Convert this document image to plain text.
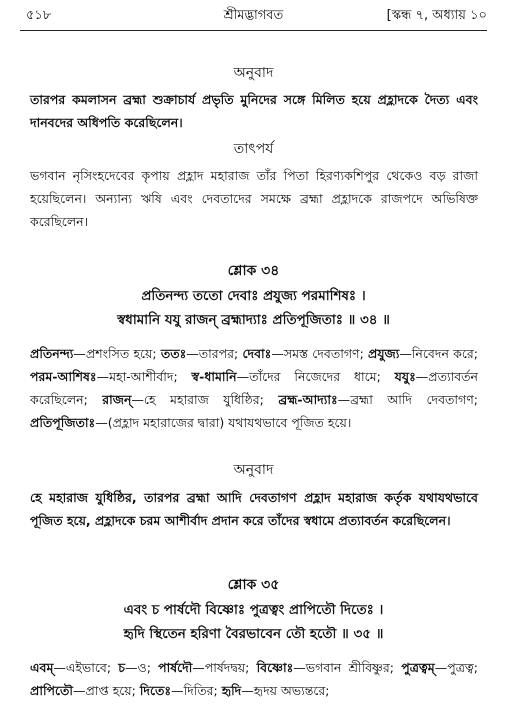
৫১৮	শ্রীমদ্ভাগবত	[স্কন্ধ ৭, অধ্যায় ১০
অনুবাদ

তারপর কমলাসন ব্রহ্মা শুক্রাচার্য প্রভৃতি মুনিদের সঙ্গে মিলিত হয়ে প্রহ্লাদকে দৈত্য এবং দানবদের অধিপতি করেছিলেন।

তাৎপর্য

ভগবান নৃসিংহদেবের কৃপায় প্রহ্লাদ মহারাজ তাঁর পিতা হিরণ্যকশিপুর থেকেও বড় রাজা হয়েছিলেন। অন্যান্য ঋষি এবং দেবতাদের সমক্ষে ব্রহ্মা প্রহ্লাদকে রাজপদে অভিষিক্ত করেছিলেন।

শ্লোক ৩৪
প্রতিনন্দ্য ততো দেবাঃ প্রযুজ্য পরমাশিষঃ ।
স্বধামানি যযু রাজন্ ব্রহ্মাদ্যাঃ প্রতিপূজিতাঃ ॥ ৩৪ ॥

প্রতিনন্দ্য—প্রশংসিত হয়ে; ততঃ—তারপর; দেবাঃ—সমস্ত দেবতাগণ; প্রযুজ্য—নিবেদন করে; পরম-আশিষঃ—মহা-আশীর্বাদ; স্ব-ধামানি—তাঁদের নিজেদের ধামে; যযুঃ—প্রত্যাবর্তন করেছিলেন; রাজন্—হে মহারাজ যুধিষ্ঠির; ব্রহ্ম-আদ্যাঃ—ব্রহ্মা আদি দেবতাগণ; প্রতিপূজিতাঃ—(প্রহ্লাদ মহারাজের দ্বারা) যথাযথভাবে পূজিত হয়ে।

অনুবাদ

হে মহারাজ যুধিষ্ঠির, তারপর ব্রহ্মা আদি দেবতাগণ প্রহ্লাদ মহারাজ কর্তৃক যথাযথভাবে পূজিত হয়ে, প্রহ্লাদকে চরম আশীর্বাদ প্রদান করে তাঁদের স্বধামে প্রত্যাবর্তন করেছিলেন।

শ্লোক ৩৫
এবং চ পার্ষদৌ বিষ্ণোঃ পুত্রত্বং প্রাপিতৌ দিতেঃ ।
হৃদি স্থিতেন হরিণা বৈরভাবেন তৌ হতৌ ॥ ৩৫ ॥

এবম্—এইভাবে; চ—ও; পার্ষদৌ—পার্ষদদ্বয়; বিষ্ণোঃ—ভগবান শ্রীবিষ্ণুর; পুত্রত্বম্—পুত্রত্ব; প্রাপিতৌ—প্রাপ্ত হয়ে; দিতেঃ—দিতির; হৃদি—হৃদয় অভ্যন্তরে;
